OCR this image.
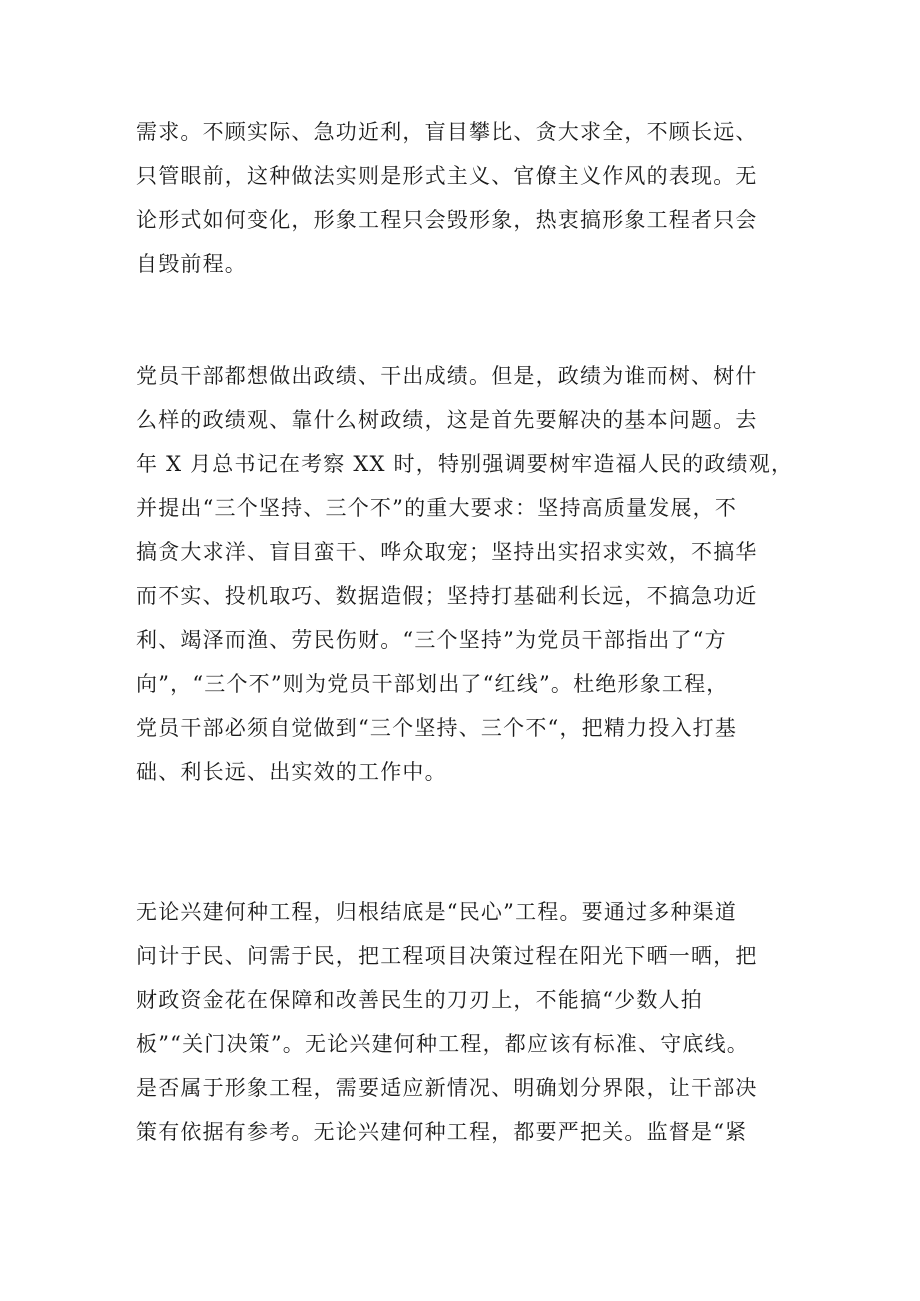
需求。不顾实际、急功近利，盲目攀比、贪大求全，不顾长远、
只管眼前，这种做法实则是形式主义、官僚主义作风的表现。无
论形式如何变化，形象工程只会毁形象，热衷搞形象工程者只会
自毁前程。
党员干部都想做出政绩、干出成绩。但是，政绩为谁而树、树什
么样的政绩观、靠什么树政绩，这是首先要解决的基本问题。去
年 X 月总书记在考察 XX 时，特别强调要树牢造福人民的政绩观，
并提出“三个坚持、三个不”的重大要求：坚持高质量发展，不
搞贪大求洋、盲目蛮干、哗众取宠；坚持出实招求实效，不搞华
而不实、投机取巧、数据造假；坚持打基础利长远，不搞急功近
利、竭泽而渔、劳民伤财。“三个坚持”为党员干部指出了“方
向”，“三个不”则为党员干部划出了“红线”。杜绝形象工程，
党员干部必须自觉做到“三个坚持、三个不“，把精力投入打基
础、利长远、出实效的工作中。
无论兴建何种工程，归根结底是“民心”工程。要通过多种渠道
问计于民、问需于民，把工程项目决策过程在阳光下晒一晒，把
财政资金花在保障和改善民生的刀刃上，不能搞“少数人拍
板”“关门决策”。无论兴建何种工程，都应该有标准、守底线。
是否属于形象工程，需要适应新情况、明确划分界限，让干部决
策有依据有参考。无论兴建何种工程，都要严把关。监督是“紧
